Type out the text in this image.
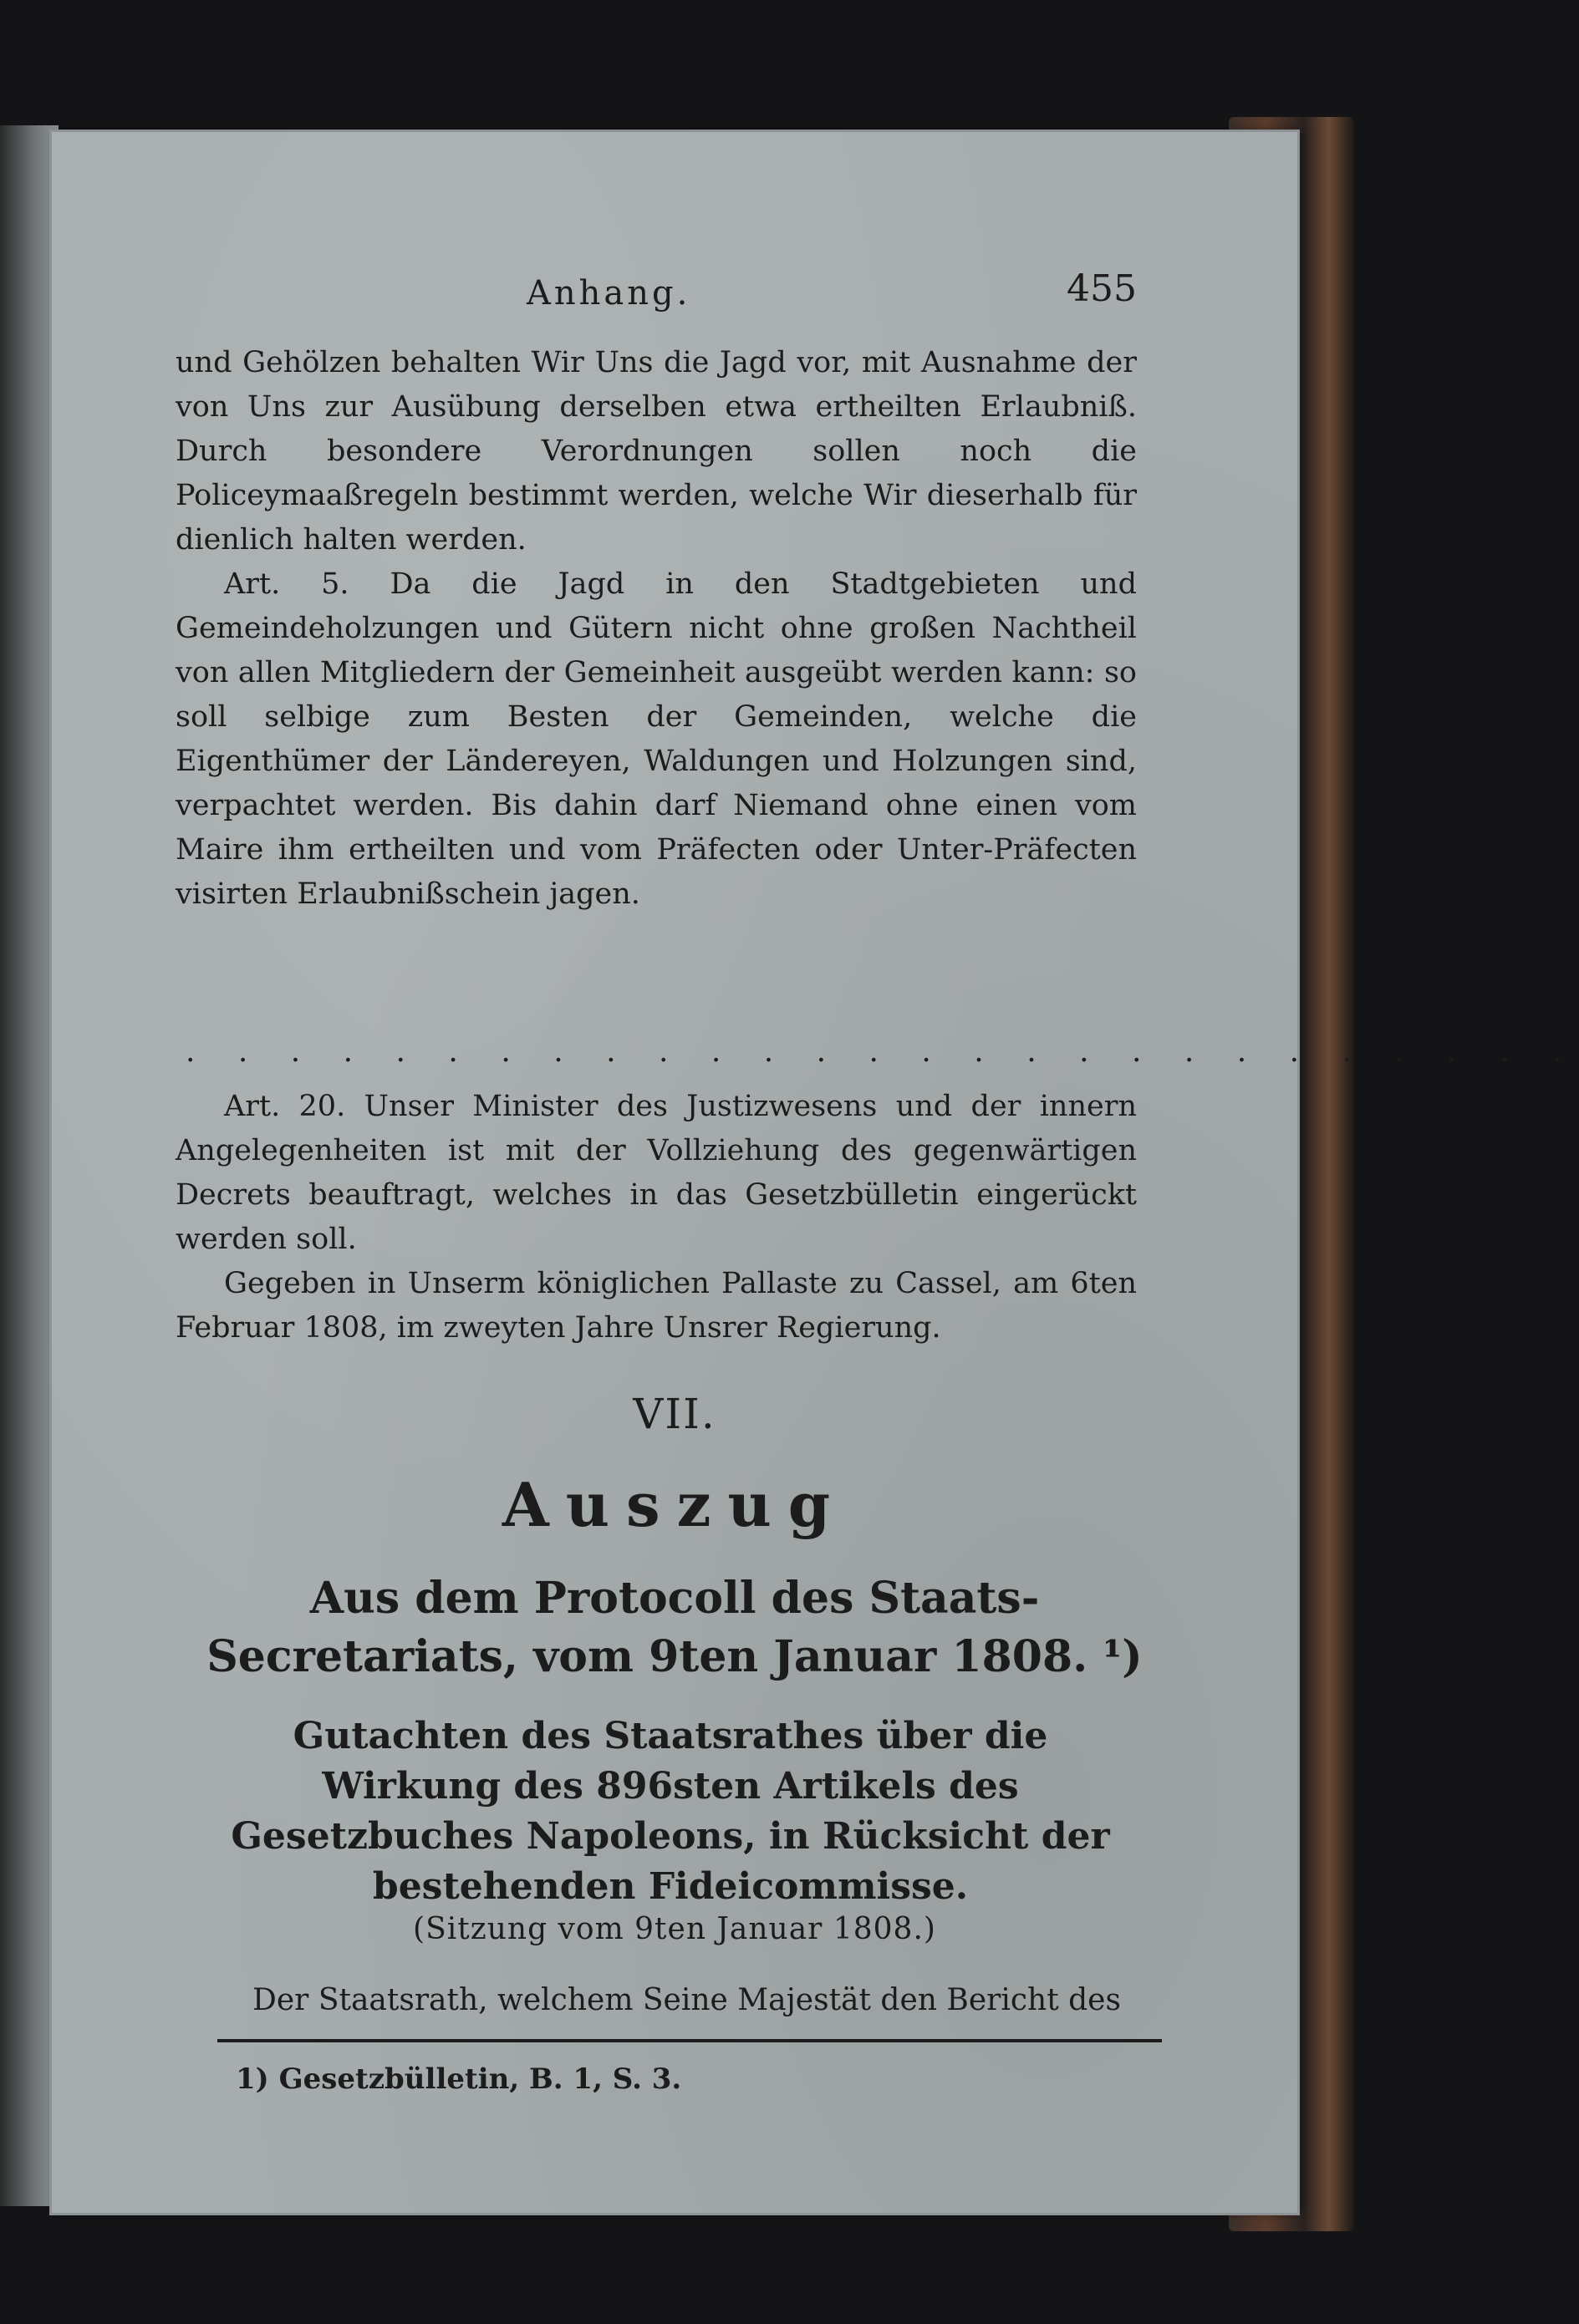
Anhang.	455

und Gehölzen behalten Wir Uns die Jagd vor, mit Ausnahme der von Uns zur Ausübung derselben etwa ertheilten Erlaubniß. Durch besondere Verordnungen sollen noch die Policeymaaßregeln bestimmt werden, welche Wir dieserhalb für dienlich halten werden.

Art. 5. Da die Jagd in den Stadtgebieten und Gemeindeholzungen und Gütern nicht ohne großen Nachtheil von allen Mitgliedern der Gemeinheit ausgeübt werden kann: so soll selbige zum Besten der Gemeinden, welche die Eigenthümer der Ländereyen, Waldungen und Holzungen sind, verpachtet werden. Bis dahin darf Niemand ohne einen vom Maire ihm ertheilten und vom Präfecten oder Unter-Präfecten visirten Erlaubnißschein jagen.

. . . . . . . . . . . . . . . . . . . . . . . . . . .

Art. 20. Unser Minister des Justizwesens und der innern Angelegenheiten ist mit der Vollziehung des gegenwärtigen Decrets beauftragt, welches in das Gesetzbülletin eingerückt werden soll.

Gegeben in Unserm königlichen Pallaste zu Cassel, am 6ten Februar 1808, im zweyten Jahre Unsrer Regierung.

VII.
Auszug
Aus dem Protocoll des Staats-Secretariats, vom 9ten Januar 1808. ¹)
Gutachten des Staatsrathes über die Wirkung des 896sten Artikels des Gesetzbuches Napoleons, in Rücksicht der bestehenden Fideicommisse.
(Sitzung vom 9ten Januar 1808.)
Der Staatsrath, welchem Seine Majestät den Bericht des
1) Gesetzbülletin, B. 1, S. 3.
